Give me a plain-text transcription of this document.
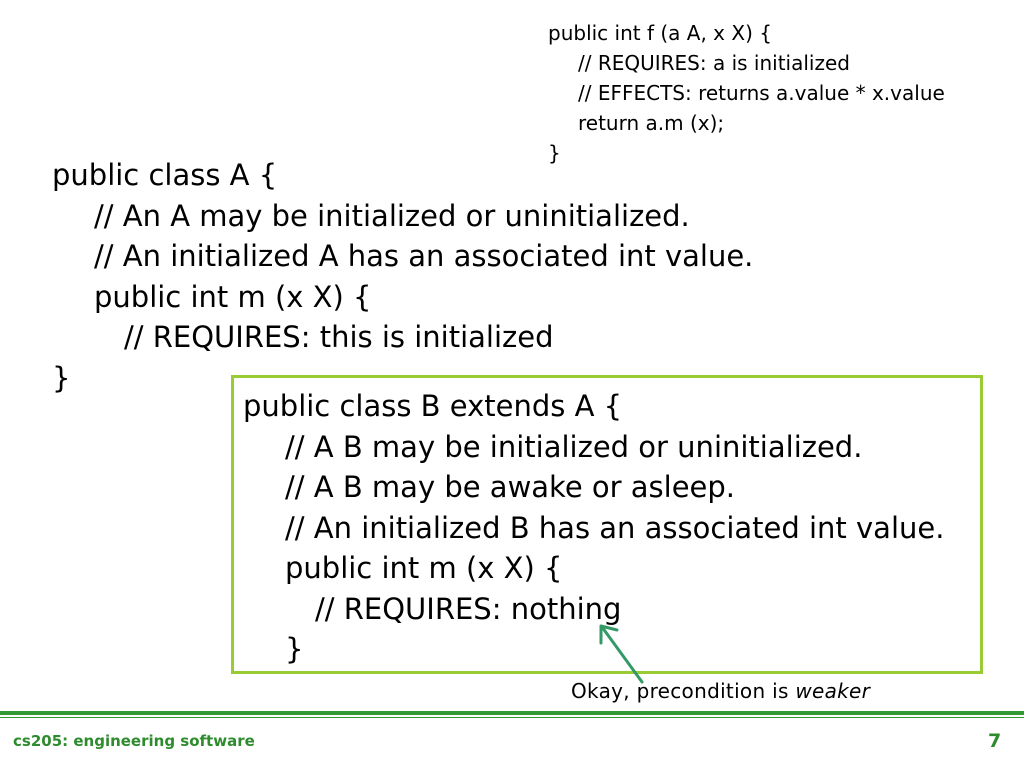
public int f (a A, x X) {
// REQUIRES: a is initialized
// EFFECTS: returns a.value * x.value
return a.m (x);
}
public class A {
// An A may be initialized or uninitialized.
// An initialized A has an associated int value.
public int m (x X) {
// REQUIRES: this is initialized
}
public class B extends A {
// A B may be initialized or uninitialized.
// A B may be awake or asleep.
// An initialized B has an associated int value.
public int m (x X) {
// REQUIRES: nothing
}
Okay, precondition is weaker
cs205: engineering software	7
